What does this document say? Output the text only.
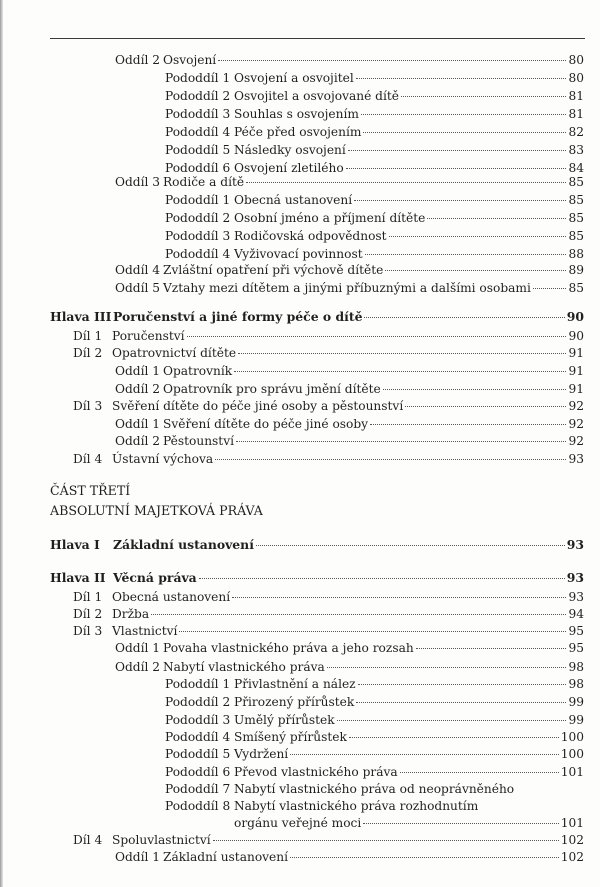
ČÁST TŘETÍ
ABSOLUTNÍ MAJETKOVÁ PRÁVA
Oddíl 2 Osvojení	80
Pododdíl 1 Osvojení a osvojitel	80
Pododdíl 2 Osvojitel a osvojované dítě	81
Pododdíl 3 Souhlas s osvojením	81
Pododdíl 4 Péče před osvojením	82
Pododdíl 5 Následky osvojení	83
Pododdíl 6 Osvojení zletilého	84
Oddíl 3 Rodiče a dítě	85
Pododdíl 1 Obecná ustanovení	85
Pododdíl 2 Osobní jméno a příjmení dítěte	85
Pododdíl 3 Rodičovská odpovědnost	85
Pododdíl 4 Vyživovací povinnost	88
Oddíl 4 Zvláštní opatření při výchově dítěte	89
Oddíl 5 Vztahy mezi dítětem a jinými příbuznými a dalšími osobami	85
Hlava III Poručenství a jiné formy péče o dítě	90
Díl 1 Poručenství	90
Díl 2 Opatrovnictví dítěte	91
Oddíl 1 Opatrovník	91
Oddíl 2 Opatrovník pro správu jmění dítěte	91
Díl 3 Svěření dítěte do péče jiné osoby a pěstounství	92
Oddíl 1 Svěření dítěte do péče jiné osoby	92
Oddíl 2 Pěstounství	92
Díl 4 Ústavní výchova	93
Hlava I	Základní ustanovení	93
Hlava II Věcná práva	93
Díl 1 Obecná ustanovení	93
Díl 2 Držba	94
Díl 3 Vlastnictví	95
Oddíl 1 Povaha vlastnického práva a jeho rozsah	95
Oddíl 2 Nabytí vlastnického práva	98
Pododdíl 1 Přivlastnění a nález	98
Pododdíl 2 Přirozený přírůstek	99
Pododdíl 3 Umělý přírůstek	99
Pododdíl 4 Smíšený přírůstek	100
Pododdíl 5 Vydržení	100
Pododdíl 6 Převod vlastnického práva	101
Pododdíl 7 Nabytí vlastnického práva od neoprávněného
Pododdíl 8 Nabytí vlastnického práva rozhodnutím
orgánu veřejné moci	101
Díl 4 Spoluvlastnictví	102
Oddíl 1 Základní ustanovení	102
